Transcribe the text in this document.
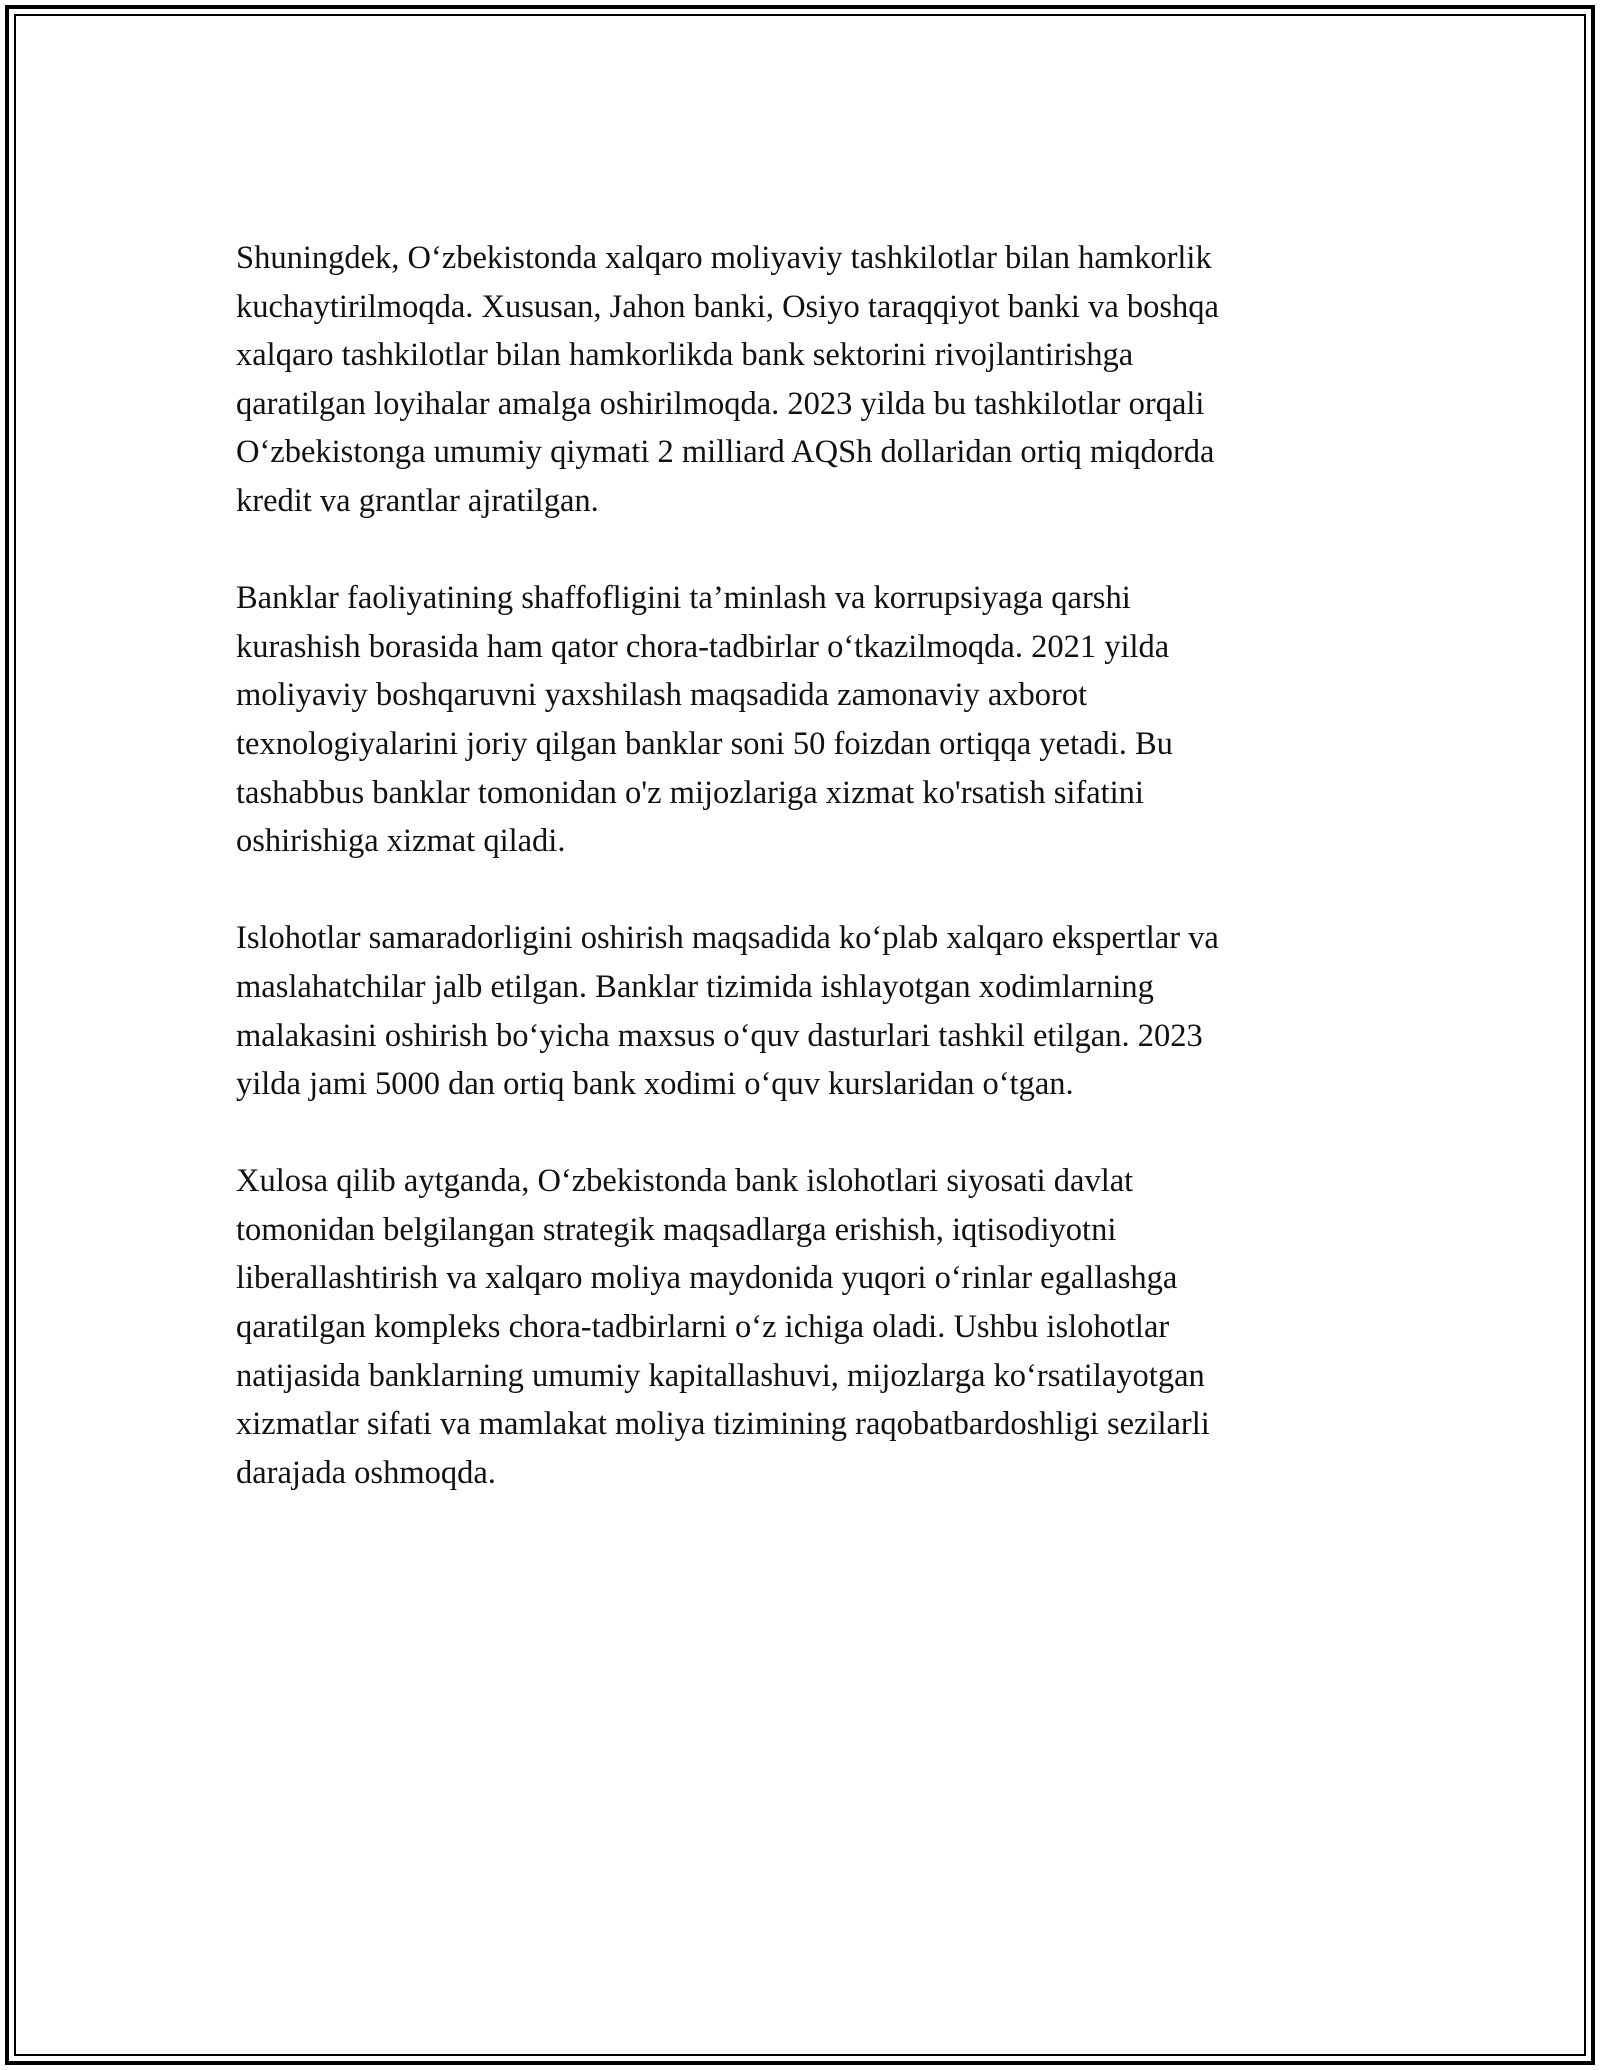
Shuningdek, O‘zbekistonda xalqaro moliyaviy tashkilotlar bilan hamkorlik
kuchaytirilmoqda. Xususan, Jahon banki, Osiyo taraqqiyot banki va boshqa
xalqaro tashkilotlar bilan hamkorlikda bank sektorini rivojlantirishga
qaratilgan loyihalar amalga oshirilmoqda. 2023 yilda bu tashkilotlar orqali
O‘zbekistonga umumiy qiymati 2 milliard AQSh dollaridan ortiq miqdorda
kredit va grantlar ajratilgan.

Banklar faoliyatining shaffofligini ta’minlash va korrupsiyaga qarshi
kurashish borasida ham qator chora-tadbirlar o‘tkazilmoqda. 2021 yilda
moliyaviy boshqaruvni yaxshilash maqsadida zamonaviy axborot
texnologiyalarini joriy qilgan banklar soni 50 foizdan ortiqqa yetadi. Bu
tashabbus banklar tomonidan o'z mijozlariga xizmat ko'rsatish sifatini
oshirishiga xizmat qiladi.

Islohotlar samaradorligini oshirish maqsadida ko‘plab xalqaro ekspertlar va
maslahatchilar jalb etilgan. Banklar tizimida ishlayotgan xodimlarning
malakasini oshirish bo‘yicha maxsus o‘quv dasturlari tashkil etilgan. 2023
yilda jami 5000 dan ortiq bank xodimi o‘quv kurslaridan o‘tgan.

Xulosa qilib aytganda, O‘zbekistonda bank islohotlari siyosati davlat
tomonidan belgilangan strategik maqsadlarga erishish, iqtisodiyotni
liberallashtirish va xalqaro moliya maydonida yuqori o‘rinlar egallashga
qaratilgan kompleks chora-tadbirlarni o‘z ichiga oladi. Ushbu islohotlar
natijasida banklarning umumiy kapitallashuvi, mijozlarga ko‘rsatilayotgan
xizmatlar sifati va mamlakat moliya tizimining raqobatbardoshligi sezilarli
darajada oshmoqda.
